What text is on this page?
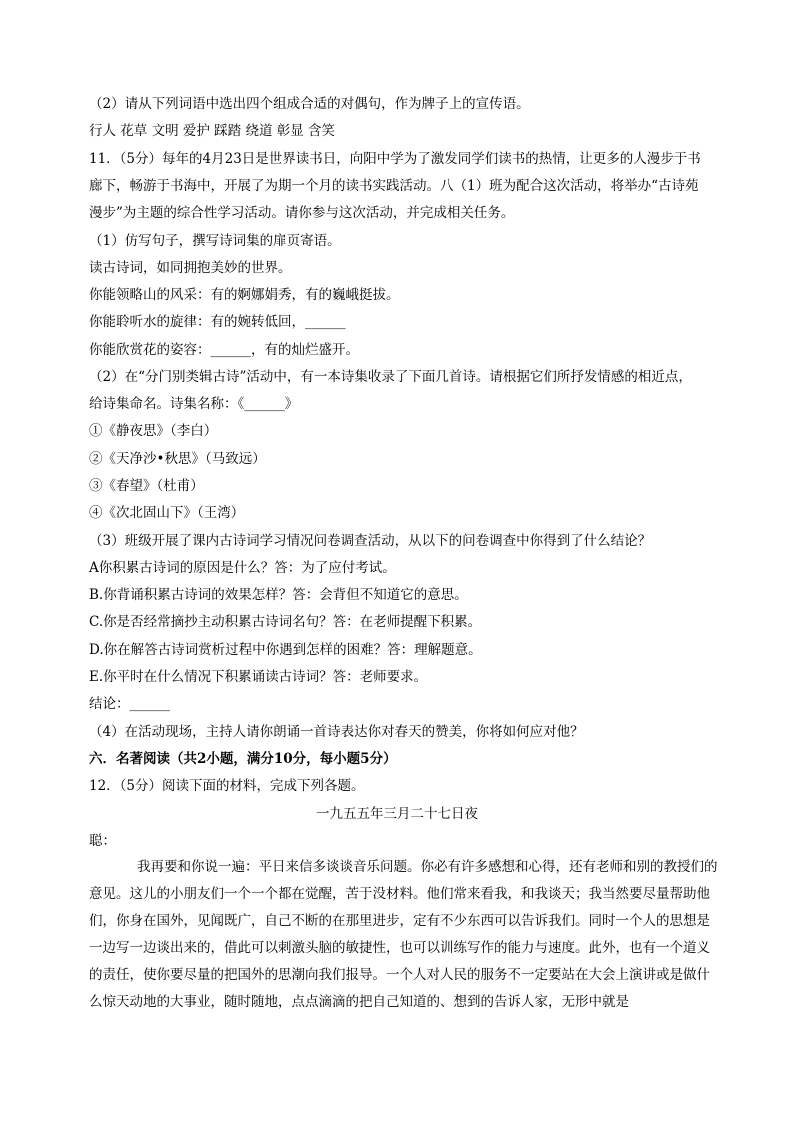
（2）请从下列词语中选出四个组成合适的对偶句，作为牌子上的宣传语。
行人 花草 文明 爱护 踩踏 绕道 彰显 含笑
11．（5分）每年的4月23日是世界读书日，向阳中学为了激发同学们读书的热情，让更多的人漫步于书
廊下，畅游于书海中，开展了为期一个月的读书实践活动。八（1）班为配合这次活动，将举办“古诗苑
漫步”为主题的综合性学习活动。请你参与这次活动，并完成相关任务。
（1）仿写句子，撰写诗词集的扉页寄语。
读古诗词，如同拥抱美妙的世界。
你能领略山的风采：有的婀娜娟秀，有的巍峨挺拔。
你能聆听水的旋律：有的婉转低回，______
你能欣赏花的姿容：______，有的灿烂盛开。
（2）在“分门别类辑古诗”活动中，有一本诗集收录了下面几首诗。请根据它们所抒发情感的相近点，
给诗集命名。诗集名称：《______》
①《静夜思》（李白）
②《天净沙•秋思》（马致远）
③《春望》（杜甫）
④《次北固山下》（王湾）
（3）班级开展了课内古诗词学习情况问卷调查活动，从以下的问卷调查中你得到了什么结论？
A你积累古诗词的原因是什么？答：为了应付考试。
B.你背诵积累古诗词的效果怎样？答：会背但不知道它的意思。
C.你是否经常摘抄主动积累古诗词名句？答：在老师提醒下积累。
D.你在解答古诗词赏析过程中你遇到怎样的困难？答：理解题意。
E.你平时在什么情况下积累诵读古诗词？答：老师要求。
结论：______
（4）在活动现场，主持人请你朗诵一首诗表达你对春天的赞美，你将如何应对他？
六．名著阅读（共2小题，满分10分，每小题5分）
12．（5分）阅读下面的材料，完成下列各题。
一九五五年三月二十七日夜
聪：
我再要和你说一遍：平日来信多谈谈音乐问题。你必有许多感想和心得，还有老师和别的教授们的意见。这儿的小朋友们一个一个都在觉醒，苦于没材料。他们常来看我，和我谈天；我当然要尽量帮助他们，你身在国外，见闻既广，自己不断的在那里进步，定有不少东西可以告诉我们。同时一个人的思想是一边写一边谈出来的，借此可以刺激头脑的敏捷性，也可以训练写作的能力与速度。此外，也有一个道义的责任，使你要尽量的把国外的思潮向我们报导。一个人对人民的服务不一定要站在大会上演讲或是做什么惊天动地的大事业，随时随地，点点滴滴的把自己知道的、想到的告诉人家，无形中就是
